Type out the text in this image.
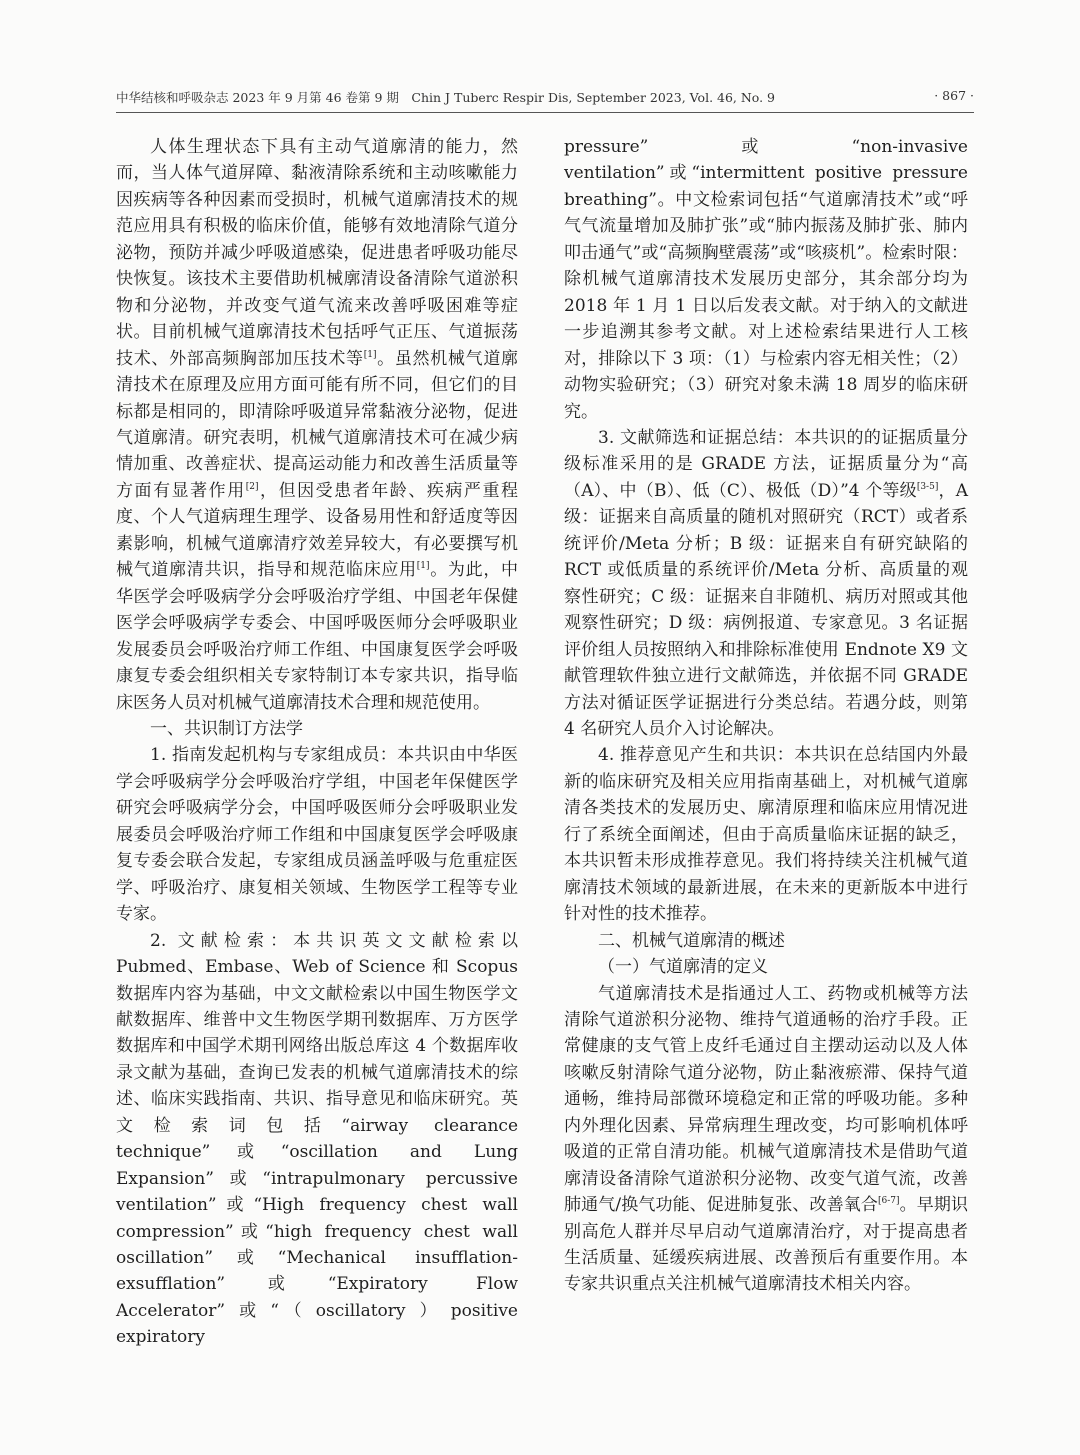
中华结核和呼吸杂志 2023 年 9 月第 46 卷第 9 期　Chin J Tuberc Respir Dis, September 2023, Vol. 46, No. 9	· 867 ·

人体生理状态下具有主动气道廓清的能力，然而，当人体气道屏障、黏液清除系统和主动咳嗽能力因疾病等各种因素而受损时，机械气道廓清技术的规范应用具有积极的临床价值，能够有效地清除气道分泌物，预防并减少呼吸道感染，促进患者呼吸功能尽快恢复。该技术主要借助机械廓清设备清除气道淤积物和分泌物，并改变气道气流来改善呼吸困难等症状。目前机械气道廓清技术包括呼气正压、气道振荡技术、外部高频胸部加压技术等[1]。虽然机械气道廓清技术在原理及应用方面可能有所不同，但它们的目标都是相同的，即清除呼吸道异常黏液分泌物，促进气道廓清。研究表明，机械气道廓清技术可在减少病情加重、改善症状、提高运动能力和改善生活质量等方面有显著作用[2]，但因受患者年龄、疾病严重程度、个人气道病理生理学、设备易用性和舒适度等因素影响，机械气道廓清疗效差异较大，有必要撰写机械气道廓清共识，指导和规范临床应用[1]。为此，中华医学会呼吸病学分会呼吸治疗学组、中国老年保健医学会呼吸病学专委会、中国呼吸医师分会呼吸职业发展委员会呼吸治疗师工作组、中国康复医学会呼吸康复专委会组织相关专家特制订本专家共识，指导临床医务人员对机械气道廓清技术合理和规范使用。

一、共识制订方法学

1. 指南发起机构与专家组成员：本共识由中华医学会呼吸病学分会呼吸治疗学组，中国老年保健医学研究会呼吸病学分会，中国呼吸医师分会呼吸职业发展委员会呼吸治疗师工作组和中国康复医学会呼吸康复专委会联合发起，专家组成员涵盖呼吸与危重症医学、呼吸治疗、康复相关领域、生物医学工程等专业专家。

2. 文献检索：本共识英文文献检索以 Pubmed、Embase、Web of Science 和 Scopus 数据库内容为基础，中文文献检索以中国生物医学文献数据库、维普中文生物医学期刊数据库、万方医学数据库和中国学术期刊网络出版总库这 4 个数据库收录文献为基础，查询已发表的机械气道廓清技术的综述、临床实践指南、共识、指导意见和临床研究。英文检索词包括“airway clearance technique”或“oscillation and Lung Expansion”或“intrapulmonary percussive ventilation”或“High frequency chest wall compression”或“high frequency chest wall oscillation”或“Mechanical insufflation-exsufflation”或“Expiratory Flow Accelerator”或“（oscillatory）positive expiratory

pressure”或“non-invasive ventilation”或“intermittent positive pressure breathing”。中文检索词包括“气道廓清技术”或“呼气气流量增加及肺扩张”或“肺内振荡及肺扩张、肺内叩击通气”或“高频胸壁震荡”或“咳痰机”。检索时限：除机械气道廓清技术发展历史部分，其余部分均为 2018 年 1 月 1 日以后发表文献。对于纳入的文献进一步追溯其参考文献。对上述检索结果进行人工核对，排除以下 3 项：（1）与检索内容无相关性；（2）动物实验研究；（3）研究对象未满 18 周岁的临床研究。

3. 文献筛选和证据总结：本共识的的证据质量分级标准采用的是 GRADE 方法，证据质量分为“高（A）、中（B）、低（C）、极低（D）”4 个等级[3-5]，A 级：证据来自高质量的随机对照研究（RCT）或者系统评价/Meta 分析；B 级：证据来自有研究缺陷的 RCT 或低质量的系统评价/Meta 分析、高质量的观察性研究；C 级：证据来自非随机、病历对照或其他观察性研究；D 级：病例报道、专家意见。3 名证据评价组人员按照纳入和排除标准使用 Endnote X9 文献管理软件独立进行文献筛选，并依据不同 GRADE 方法对循证医学证据进行分类总结。若遇分歧，则第 4 名研究人员介入讨论解决。

4. 推荐意见产生和共识：本共识在总结国内外最新的临床研究及相关应用指南基础上，对机械气道廓清各类技术的发展历史、廓清原理和临床应用情况进行了系统全面阐述，但由于高质量临床证据的缺乏，本共识暂未形成推荐意见。我们将持续关注机械气道廓清技术领域的最新进展，在未来的更新版本中进行针对性的技术推荐。

二、机械气道廓清的概述

（一）气道廓清的定义

气道廓清技术是指通过人工、药物或机械等方法清除气道淤积分泌物、维持气道通畅的治疗手段。正常健康的支气管上皮纤毛通过自主摆动运动以及人体咳嗽反射清除气道分泌物，防止黏液瘀滞、保持气道通畅，维持局部微环境稳定和正常的呼吸功能。多种内外理化因素、异常病理生理改变，均可影响机体呼吸道的正常自清功能。机械气道廓清技术是借助气道廓清设备清除气道淤积分泌物、改变气道气流，改善肺通气/换气功能、促进肺复张、改善氧合[6-7]。早期识别高危人群并尽早启动气道廓清治疗，对于提高患者生活质量、延缓疾病进展、改善预后有重要作用。本专家共识重点关注机械气道廓清技术相关内容。
